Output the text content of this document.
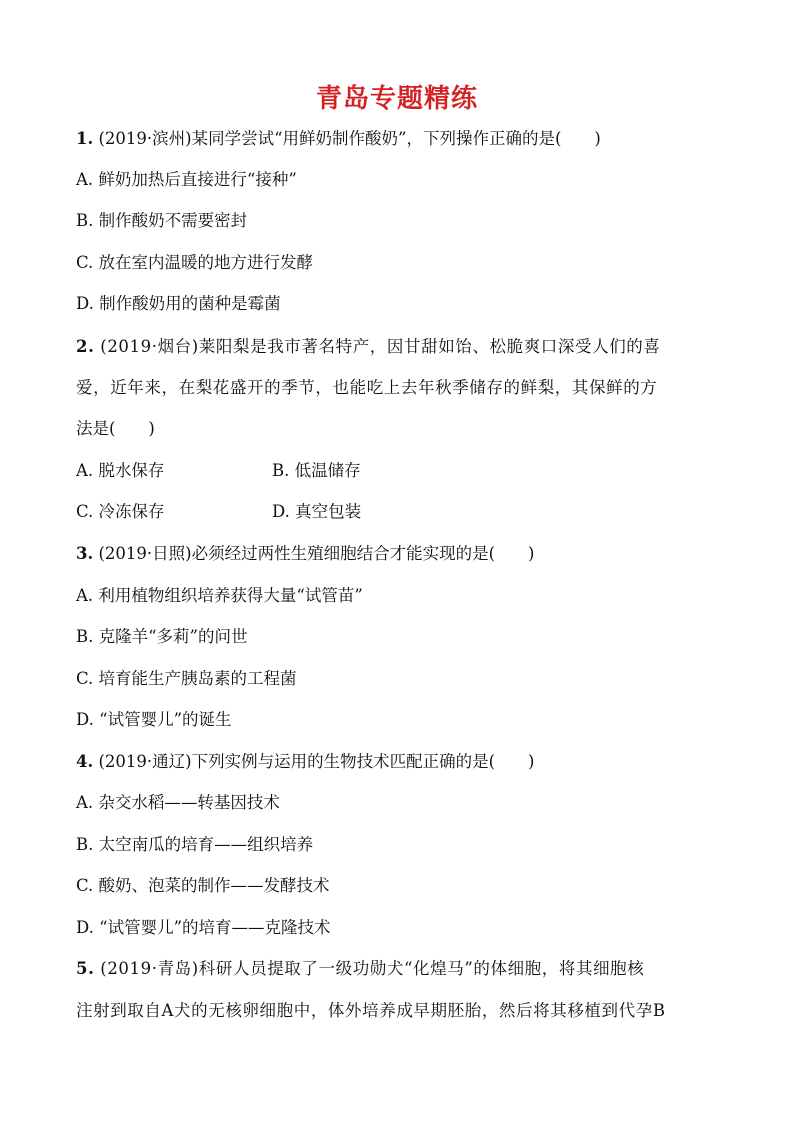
青岛专题精练
1. (2019·滨州)某同学尝试“用鲜奶制作酸奶”，下列操作正确的是(　　)
A. 鲜奶加热后直接进行“接种”
B. 制作酸奶不需要密封
C. 放在室内温暖的地方进行发酵
D. 制作酸奶用的菌种是霉菌
2. (2019·烟台)莱阳梨是我市著名特产，因甘甜如饴、松脆爽口深受人们的喜
爱，近年来，在梨花盛开的季节，也能吃上去年秋季储存的鲜梨，其保鲜的方
法是(　　)
A. 脱水保存	B. 低温储存
C. 冷冻保存	D. 真空包装
3. (2019·日照)必须经过两性生殖细胞结合才能实现的是(　　)
A. 利用植物组织培养获得大量“试管苗”
B. 克隆羊“多莉”的问世
C. 培育能生产胰岛素的工程菌
D. “试管婴儿”的诞生
4. (2019·通辽)下列实例与运用的生物技术匹配正确的是(　　)
A. 杂交水稻——转基因技术
B. 太空南瓜的培育——组织培养
C. 酸奶、泡菜的制作——发酵技术
D. “试管婴儿”的培育——克隆技术
5. (2019·青岛)科研人员提取了一级功勋犬“化煌马”的体细胞，将其细胞核
注射到取自A犬的无核卵细胞中，体外培养成早期胚胎，然后将其移植到代孕B
